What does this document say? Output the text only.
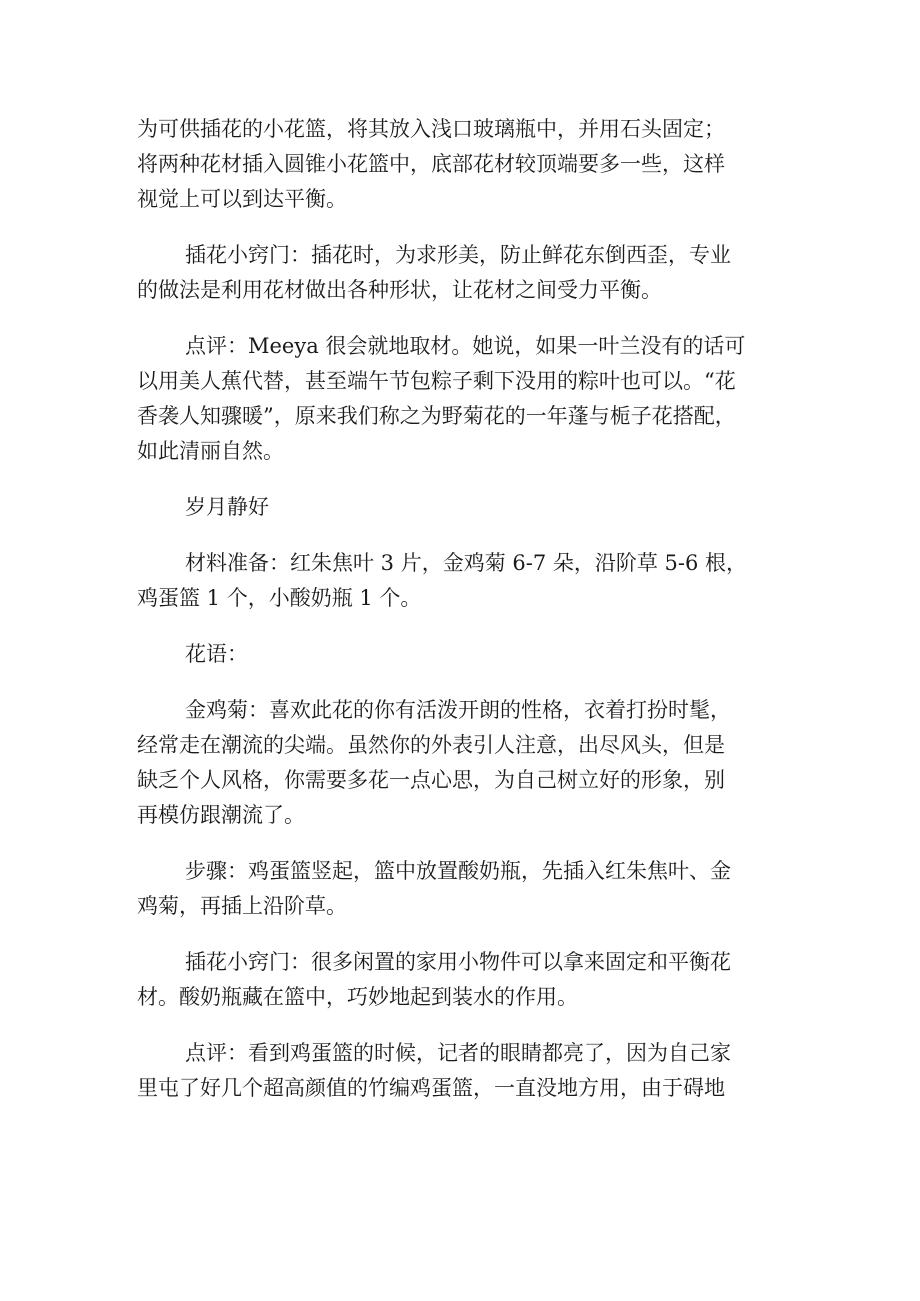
为可供插花的小花篮，将其放入浅口玻璃瓶中，并用石头固定；
将两种花材插入圆锥小花篮中，底部花材较顶端要多一些，这样
视觉上可以到达平衡。

插花小窍门：插花时，为求形美，防止鲜花东倒西歪，专业
的做法是利用花材做出各种形状，让花材之间受力平衡。

点评：Meeya 很会就地取材。她说，如果一叶兰没有的话可
以用美人蕉代替，甚至端午节包粽子剩下没用的粽叶也可以。“花
香袭人知骤暖”，原来我们称之为野菊花的一年蓬与栀子花搭配，
如此清丽自然。

岁月静好

材料准备：红朱焦叶 3 片，金鸡菊 6-7 朵，沿阶草 5-6 根，
鸡蛋篮 1 个，小酸奶瓶 1 个。

花语：

金鸡菊：喜欢此花的你有活泼开朗的性格，衣着打扮时髦，
经常走在潮流的尖端。虽然你的外表引人注意，出尽风头，但是
缺乏个人风格，你需要多花一点心思，为自己树立好的形象，别
再模仿跟潮流了。

步骤：鸡蛋篮竖起，篮中放置酸奶瓶，先插入红朱焦叶、金
鸡菊，再插上沿阶草。

插花小窍门：很多闲置的家用小物件可以拿来固定和平衡花
材。酸奶瓶藏在篮中，巧妙地起到装水的作用。

点评：看到鸡蛋篮的时候，记者的眼睛都亮了，因为自己家
里屯了好几个超高颜值的竹编鸡蛋篮，一直没地方用，由于碍地
